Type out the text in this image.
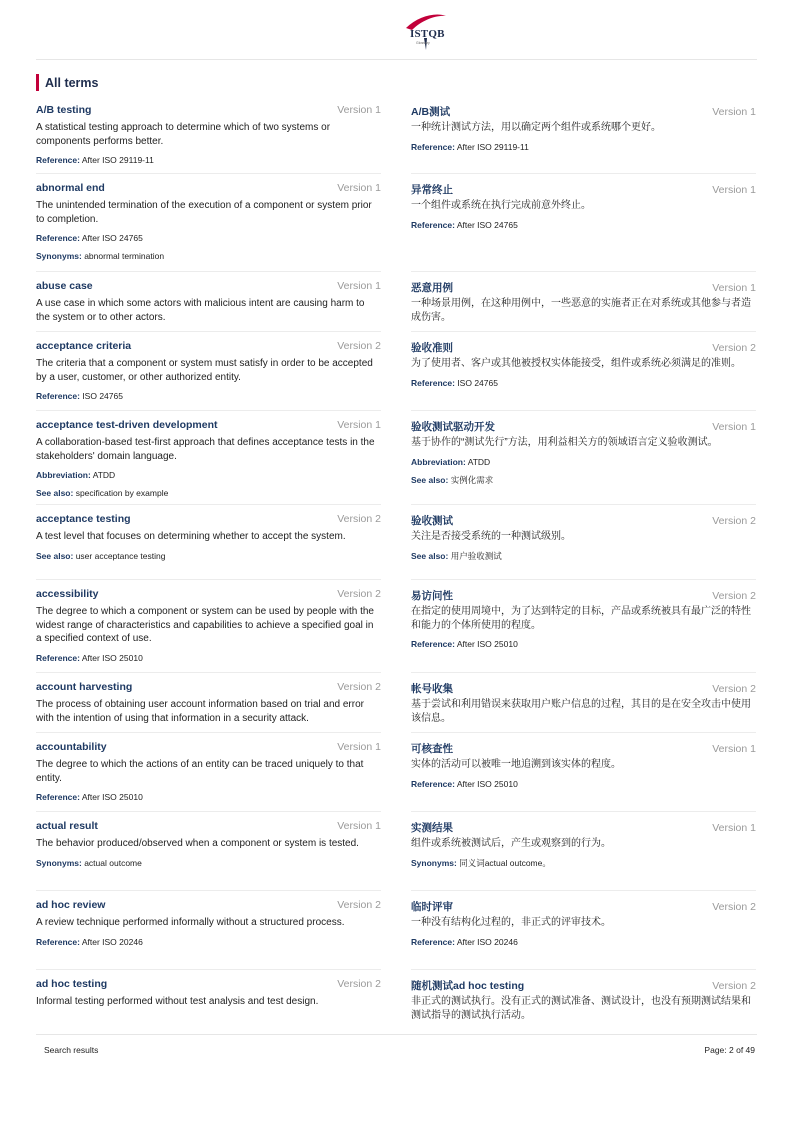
ISTQB
Glossary
All terms
A/B testing	Version 1
A statistical testing approach to determine which of two systems or components performs better.
Reference: After ISO 29119-11
abnormal end	Version 1
The unintended termination of the execution of a component or system prior to completion.
Reference: After ISO 24765
Synonyms: abnormal termination
abuse case	Version 1
A use case in which some actors with malicious intent are causing harm to the system or to other actors.
acceptance criteria	Version 2
The criteria that a component or system must satisfy in order to be accepted by a user, customer, or other authorized entity.
Reference: ISO 24765
acceptance test-driven development	Version 1
A collaboration-based test-first approach that defines acceptance tests in the stakeholders' domain language.
Abbreviation: ATDD
See also: specification by example
acceptance testing	Version 2
A test level that focuses on determining whether to accept the system.
See also: user acceptance testing
accessibility	Version 2
The degree to which a component or system can be used by people with the widest range of characteristics and capabilities to achieve a specified goal in a specified context of use.
Reference: After ISO 25010
account harvesting	Version 2
The process of obtaining user account information based on trial and error with the intention of using that information in a security attack.
accountability	Version 1
The degree to which the actions of an entity can be traced uniquely to that entity.
Reference: After ISO 25010
actual result	Version 1
The behavior produced/observed when a component or system is tested.
Synonyms: actual outcome
ad hoc review	Version 2
A review technique performed informally without a structured process.
Reference: After ISO 20246
ad hoc testing	Version 2
Informal testing performed without test analysis and test design.
A/B测试	Version 1
一种统计测试方法，用以确定两个组件或系统哪个更好。
Reference: After ISO 29119-11
异常终止	Version 1
一个组件或系统在执行完成前意外终止。
Reference: After ISO 24765
恶意用例	Version 1
一种场景用例，在这种用例中，一些恶意的实施者正在对系统或其他参与者造成伤害。
验收准则	Version 2
为了使用者、客户或其他被授权实体能接受，组件或系统必须满足的准则。
Reference: ISO 24765
验收测试驱动开发	Version 1
基于协作的“测试先行”方法，用利益相关方的领域语言定义验收测试。
Abbreviation: ATDD
See also: 实例化需求
验收测试	Version 2
关注是否接受系统的一种测试级别。
See also: 用户验收测试
易访问性	Version 2
在指定的使用周境中，为了达到特定的目标，产品或系统被具有最广泛的特性和能力的个体所使用的程度。
Reference: After ISO 25010
帐号收集	Version 2
基于尝试和利用错误来获取用户账户信息的过程，其目的是在安全攻击中使用该信息。
可核查性	Version 1
实体的活动可以被唯一地追溯到该实体的程度。
Reference: After ISO 25010
实测结果	Version 1
组件或系统被测试后，产生或观察到的行为。
Synonyms: 同义词actual outcome。
临时评审	Version 2
一种没有结构化过程的，非正式的评审技术。
Reference: After ISO 20246
随机测试ad hoc testing	Version 2
非正式的测试执行。没有正式的测试准备、测试设计，也没有预期测试结果和测试指导的测试执行活动。
Search results	Page: 2 of 49
